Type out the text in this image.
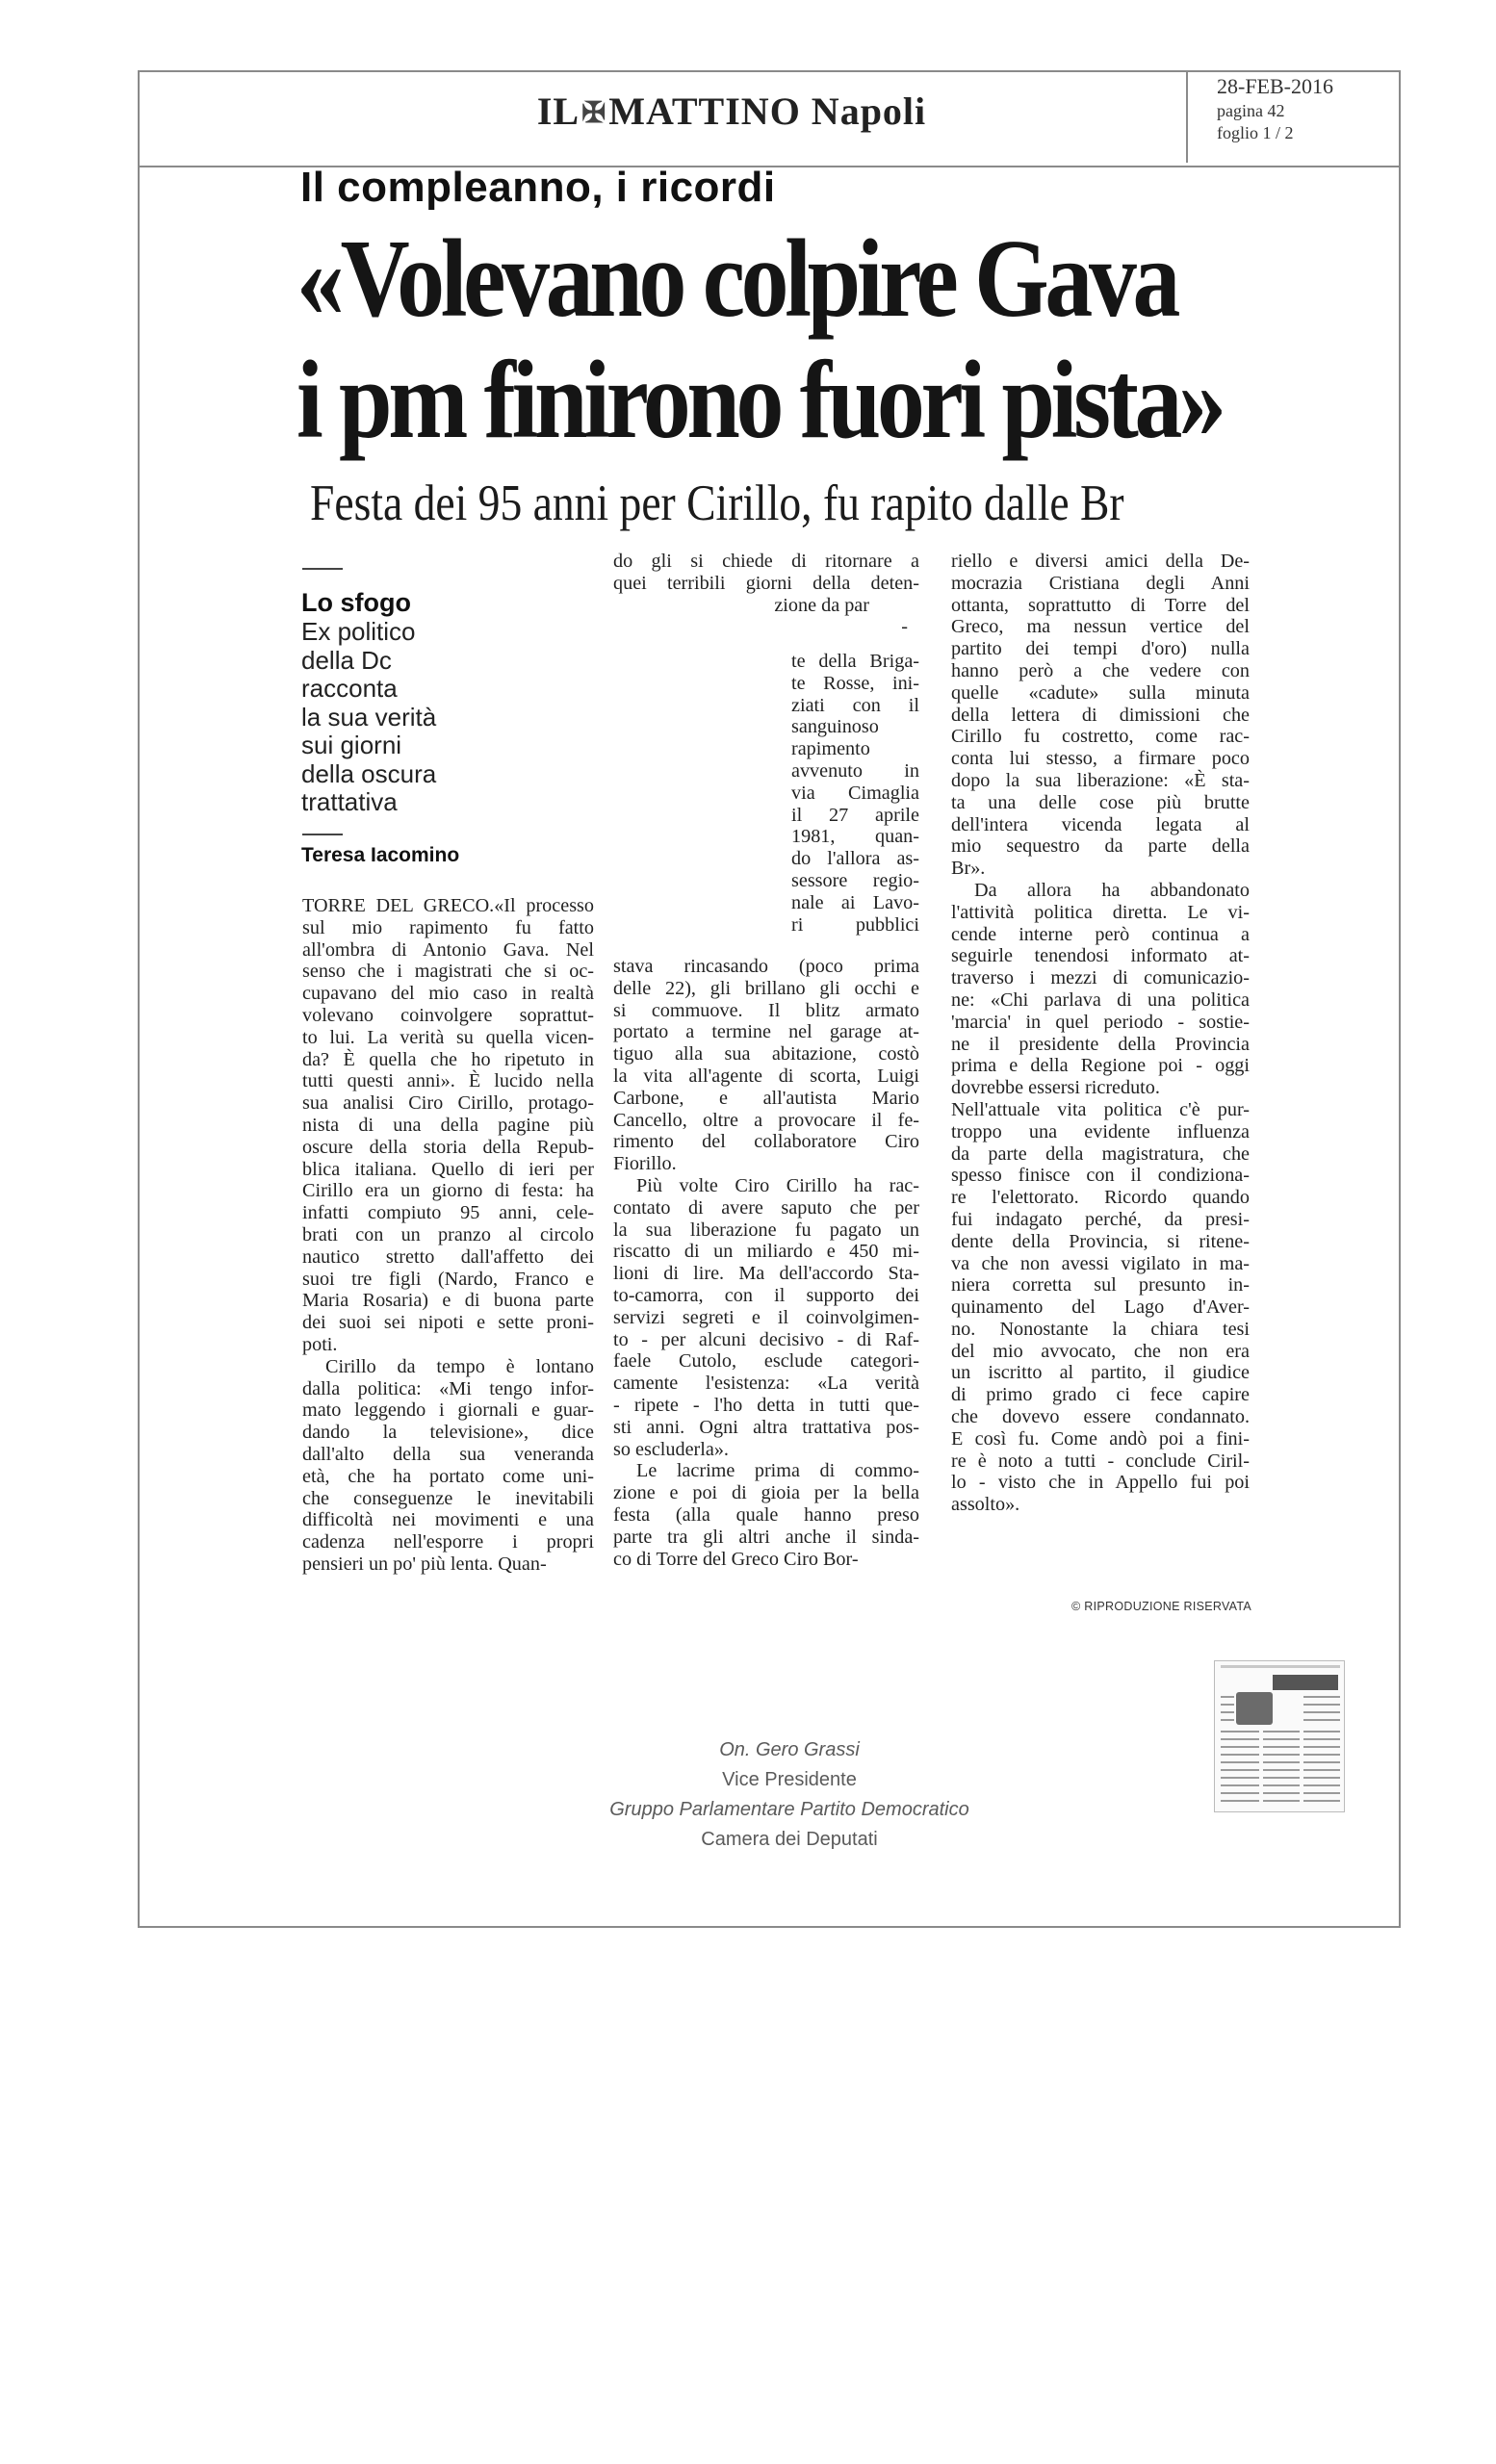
IL✠MATTINO Napoli
28-FEB-2016
pagina 42
foglio 1 / 2
Il compleanno, i ricordi
«Volevano colpire Gava
i pm finirono fuori pista»
Festa dei 95 anni per Cirillo, fu rapito dalle Br
Lo sfogo
Ex politico
della Dc
racconta
la sua verità
sui giorni
della oscura
trattativa
Teresa Iacomino
TORRE DEL GRECO.«Il processo
sul mio rapimento fu fatto
all'ombra di Antonio Gava. Nel
senso che i magistrati che si oc-
cupavano del mio caso in realtà
volevano coinvolgere soprattut-
to lui. La verità su quella vicen-
da? È quella che ho ripetuto in
tutti questi anni». È lucido nella
sua analisi Ciro Cirillo, protago-
nista di una della pagine più
oscure della storia della Repub-
blica italiana. Quello di ieri per
Cirillo era un giorno di festa: ha
infatti compiuto 95 anni, cele-
brati con un pranzo al circolo
nautico stretto dall'affetto dei
suoi tre figli (Nardo, Franco e
Maria Rosaria) e di buona parte
dei suoi sei nipoti e sette proni-
poti.
Cirillo da tempo è lontano
dalla politica: «Mi tengo infor-
mato leggendo i giornali e guar-
dando la televisione», dice
dall'alto della sua veneranda
età, che ha portato come uni-
che conseguenze le inevitabili
difficoltà nei movimenti e una
cadenza nell'esporre i propri
pensieri un po' più lenta. Quan-
do gli si chiede di ritornare a
quei terribili giorni della deten-
zione da par
-
te della Briga-
te Rosse, ini-
ziati con il
sanguinoso
rapimento
avvenuto in
via Cimaglia
il 27 aprile
1981, quan-
do l'allora as-
sessore regio-
nale ai Lavo-
ri pubblici
stava rincasando (poco prima
delle 22), gli brillano gli occhi e
si commuove. Il blitz armato
portato a termine nel garage at-
tiguo alla sua abitazione, costò
la vita all'agente di scorta, Luigi
Carbone, e all'autista Mario
Cancello, oltre a provocare il fe-
rimento del collaboratore Ciro
Fiorillo.
Più volte Ciro Cirillo ha rac-
contato di avere saputo che per
la sua liberazione fu pagato un
riscatto di un miliardo e 450 mi-
lioni di lire. Ma dell'accordo Sta-
to-camorra, con il supporto dei
servizi segreti e il coinvolgimen-
to - per alcuni decisivo - di Raf-
faele Cutolo, esclude categori-
camente l'esistenza: «La verità
- ripete - l'ho detta in tutti que-
sti anni. Ogni altra trattativa pos-
so escluderla».
Le lacrime prima di commo-
zione e poi di gioia per la bella
festa (alla quale hanno preso
parte tra gli altri anche il sinda-
co di Torre del Greco Ciro Bor-
riello e diversi amici della De-
mocrazia Cristiana degli Anni
ottanta, soprattutto di Torre del
Greco, ma nessun vertice del
partito dei tempi d'oro) nulla
hanno però a che vedere con
quelle «cadute» sulla minuta
della lettera di dimissioni che
Cirillo fu costretto, come rac-
conta lui stesso, a firmare poco
dopo la sua liberazione: «È sta-
ta una delle cose più brutte
dell'intera vicenda legata al
mio sequestro da parte della
Br».
Da allora ha abbandonato
l'attività politica diretta. Le vi-
cende interne però continua a
seguirle tenendosi informato at-
traverso i mezzi di comunicazio-
ne: «Chi parlava di una politica
'marcia' in quel periodo - sostie-
ne il presidente della Provincia
prima e della Regione poi - oggi
dovrebbe essersi ricreduto.
Nell'attuale vita politica c'è pur-
troppo una evidente influenza
da parte della magistratura, che
spesso finisce con il condiziona-
re l'elettorato. Ricordo quando
fui indagato perché, da presi-
dente della Provincia, si ritene-
va che non avessi vigilato in ma-
niera corretta sul presunto in-
quinamento del Lago d'Aver-
no. Nonostante la chiara tesi
del mio avvocato, che non era
un iscritto al partito, il giudice
di primo grado ci fece capire
che dovevo essere condannato.
E così fu. Come andò poi a fini-
re è noto a tutti - conclude Ciril-
lo - visto che in Appello fui poi
assolto».
© RIPRODUZIONE RISERVATA
On. Gero Grassi
Vice Presidente
Gruppo Parlamentare Partito Democratico
Camera dei Deputati
